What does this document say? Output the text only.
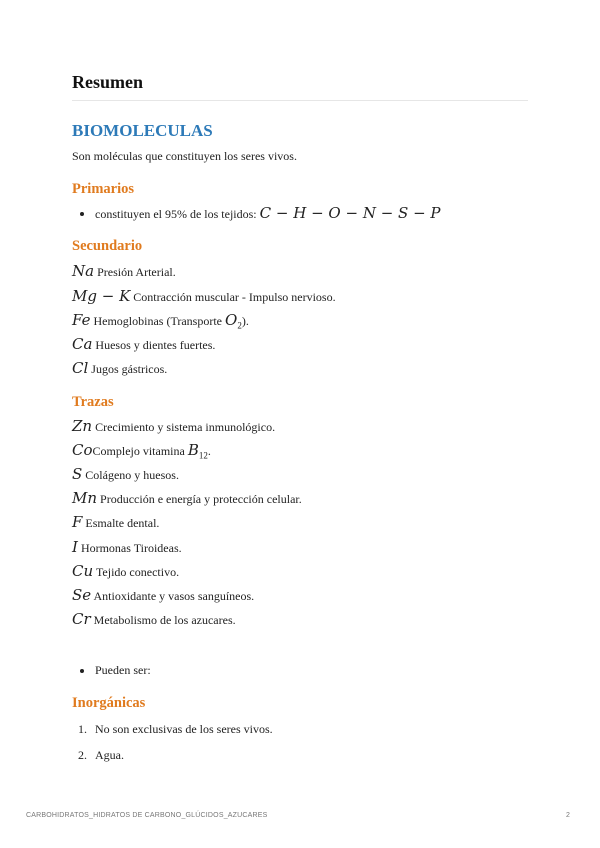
Resumen
BIOMOLECULAS

Son moléculas que constituyen los seres vivos.

Primarios

constituyen el 95% de los tejidos: C − H − O − N − S − P

Secundario

Na Presión Arterial.

Mg − K Contracción muscular - Impulso nervioso.

Fe Hemoglobinas (Transporte $O_2$).

Ca Huesos y dientes fuertes.

Cl Jugos gástricos.

Trazas

Zn Crecimiento y sistema inmunológico.

CoComplejo vitamina $B_{12}$.

S Colágeno y huesos.

Mn Producción e energía y protección celular.

F Esmalte dental.

I Hormonas Tiroideas.

Cu Tejido conectivo.

Se Antioxidante y vasos sanguíneos.

Cr Metabolismo de los azucares.

Pueden ser:

Inorgánicas
1. No son exclusivas de los seres vivos.
2. Agua.
CARBOHIDRATOS_HIDRATOS DE CARBONO_GLÚCIDOS_AZUCARES	2
